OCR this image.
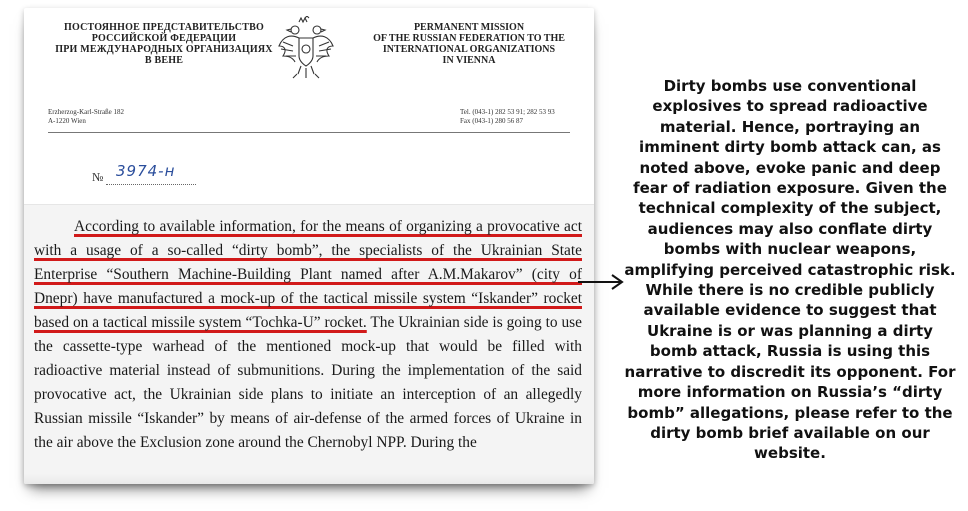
ПОСТОЯННОЕ ПРЕДСТАВИТЕЛЬСТВО
РОССИЙСКОЙ ФЕДЕРАЦИИ
ПРИ МЕЖДУНАРОДНЫХ ОРГАНИЗАЦИЯХ
В ВЕНЕ
PERMANENT MISSION
OF THE RUSSIAN FEDERATION TO THE
INTERNATIONAL ORGANIZATIONS
IN VIENNA
Erzherzog-Karl-Straße 182
A-1220 Wien
Tel. (043-1) 282 53 91; 282 53 93
Fax (043-1) 280 56 87
№ 3974-н

According to available information, for the means of organizing a provocative act with a usage of a so-called “dirty bomb”, the specialists of the Ukrainian State Enterprise “Southern Machine-Building Plant named after A.M.Makarov” (city of Dnepr) have manufactured a mock-up of the tactical missile system “Iskander” rocket based on a tactical missile system “Tochka-U” rocket. The Ukrainian side is going to use the cassette-type warhead of the mentioned mock-up that would be filled with radioactive material instead of submunitions. During the implementation of the said provocative act, the Ukrainian side plans to initiate an interception of an allegedly Russian missile “Iskander” by means of air-defense of the armed forces of Ukraine in the air above the Exclusion zone around the Chernobyl NPP. During the

Dirty bombs use conventional explosives to spread radioactive material. Hence, portraying an imminent dirty bomb attack can, as noted above, evoke panic and deep fear of radiation exposure. Given the technical complexity of the subject, audiences may also conflate dirty bombs with nuclear weapons, amplifying perceived catastrophic risk. While there is no credible publicly available evidence to suggest that Ukraine is or was planning a dirty bomb attack, Russia is using this narrative to discredit its opponent. For more information on Russia’s “dirty bomb” allegations, please refer to the dirty bomb brief available on our website.
